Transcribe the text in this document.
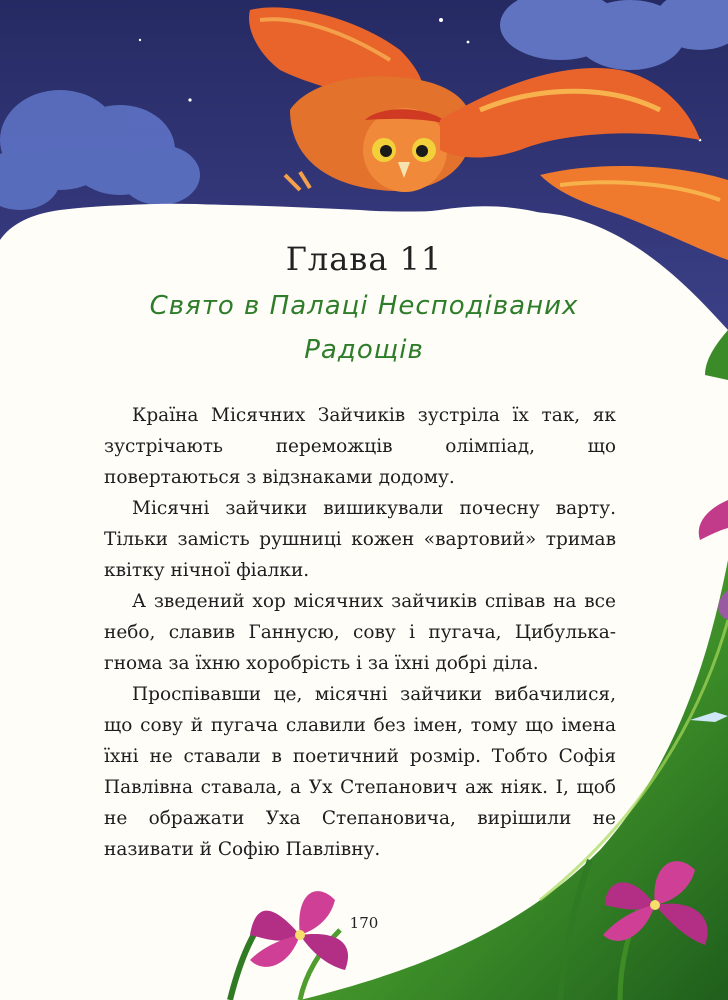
Глава 11
Свято в Палаці Несподіваних
Радощів

Країна Місячних Зайчиків зустріла їх так, як зустрічають переможців олімпіад, що повертаються з відзнаками додому.

Місячні зайчики вишикували почесну варту. Тільки замість рушниці кожен «вартовий» тримав квітку нічної фіалки.

А зведений хор місячних зайчиків співав на все небо, славив Ганнусю, сову і пугача, Цибулька-гнома за їхню хоробрість і за їхні добрі діла.

Проспівавши це, місячні зайчики вибачилися, що сову й пугача славили без імен, тому що імена їхні не ставали в поетичний розмір. Тобто Софія Павлівна ставала, а Ух Степанович аж ніяк. І, щоб не ображати Уха Степановича, вирішили не називати й Софію Павлівну.

170
